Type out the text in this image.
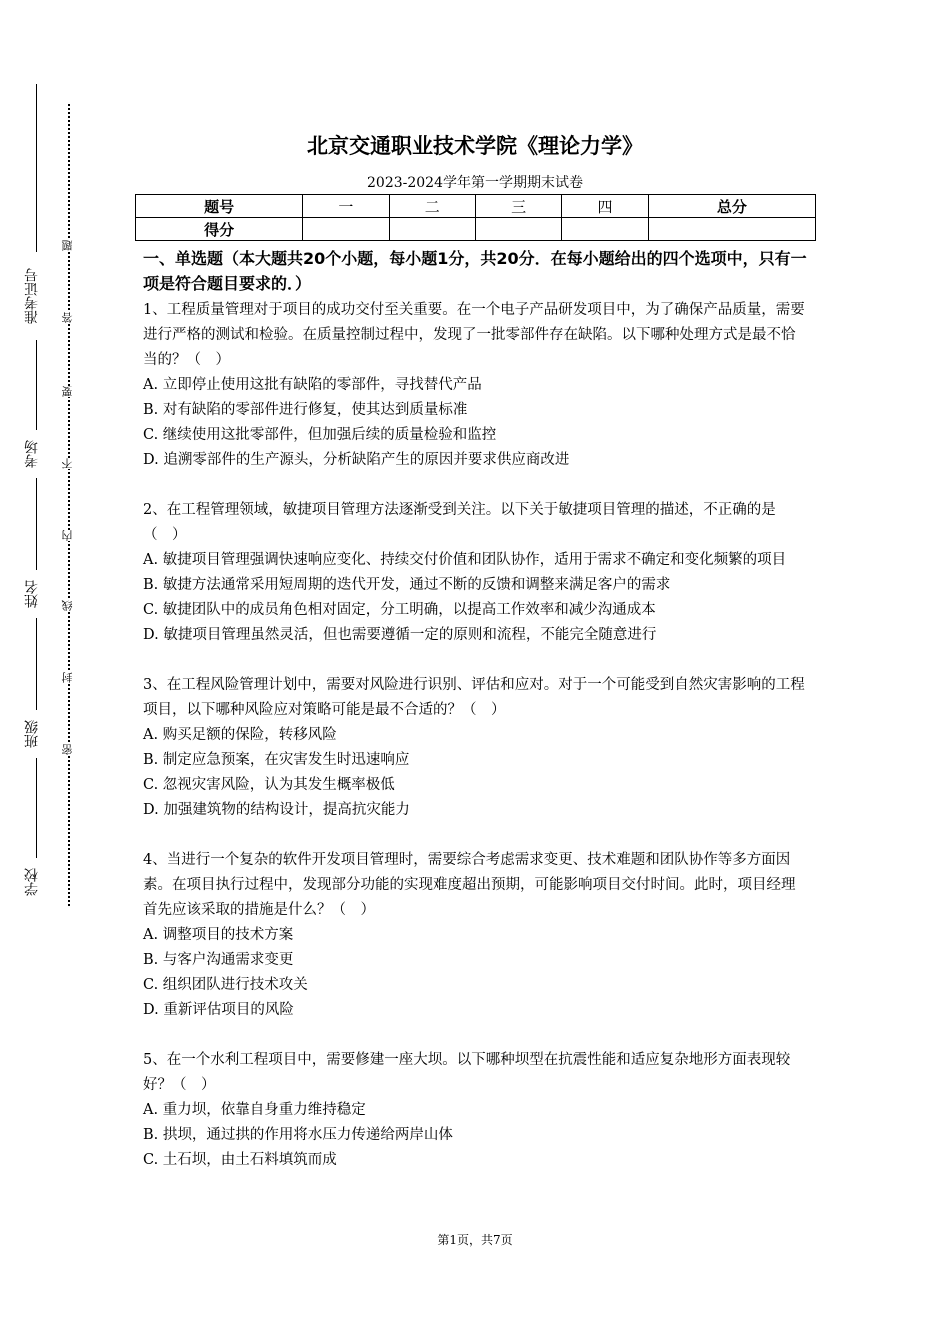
准考证号
考场
姓名
班级
学校
题
答
要
不
内
线
封
密
北京交通职业技术学院《理论力学》
2023-2024学年第一学期期末试卷
题号	一	二	三	四	总分
得分					
一、单选题（本大题共20个小题，每小题1分，共20分．在每小题给出的四个选项中，只有一项是符合题目要求的．）
1、工程质量管理对于项目的成功交付至关重要。在一个电子产品研发项目中，为了确保产品质量，需要进行严格的测试和检验。在质量控制过程中，发现了一批零部件存在缺陷。以下哪种处理方式是最不恰当的？（　）
A. 立即停止使用这批有缺陷的零部件，寻找替代产品
B. 对有缺陷的零部件进行修复，使其达到质量标准
C. 继续使用这批零部件，但加强后续的质量检验和监控
D. 追溯零部件的生产源头，分析缺陷产生的原因并要求供应商改进
2、在工程管理领域，敏捷项目管理方法逐渐受到关注。以下关于敏捷项目管理的描述，不正确的是（　）
A. 敏捷项目管理强调快速响应变化、持续交付价值和团队协作，适用于需求不确定和变化频繁的项目
B. 敏捷方法通常采用短周期的迭代开发，通过不断的反馈和调整来满足客户的需求
C. 敏捷团队中的成员角色相对固定，分工明确，以提高工作效率和减少沟通成本
D. 敏捷项目管理虽然灵活，但也需要遵循一定的原则和流程，不能完全随意进行
3、在工程风险管理计划中，需要对风险进行识别、评估和应对。对于一个可能受到自然灾害影响的工程项目，以下哪种风险应对策略可能是最不合适的？（　）
A. 购买足额的保险，转移风险
B. 制定应急预案，在灾害发生时迅速响应
C. 忽视灾害风险，认为其发生概率极低
D. 加强建筑物的结构设计，提高抗灾能力
4、当进行一个复杂的软件开发项目管理时，需要综合考虑需求变更、技术难题和团队协作等多方面因素。在项目执行过程中，发现部分功能的实现难度超出预期，可能影响项目交付时间。此时，项目经理首先应该采取的措施是什么？（　）
A. 调整项目的技术方案
B. 与客户沟通需求变更
C. 组织团队进行技术攻关
D. 重新评估项目的风险
5、在一个水利工程项目中，需要修建一座大坝。以下哪种坝型在抗震性能和适应复杂地形方面表现较好？（　）
A. 重力坝，依靠自身重力维持稳定
B. 拱坝，通过拱的作用将水压力传递给两岸山体
C. 土石坝，由土石料填筑而成
第1页，共7页
